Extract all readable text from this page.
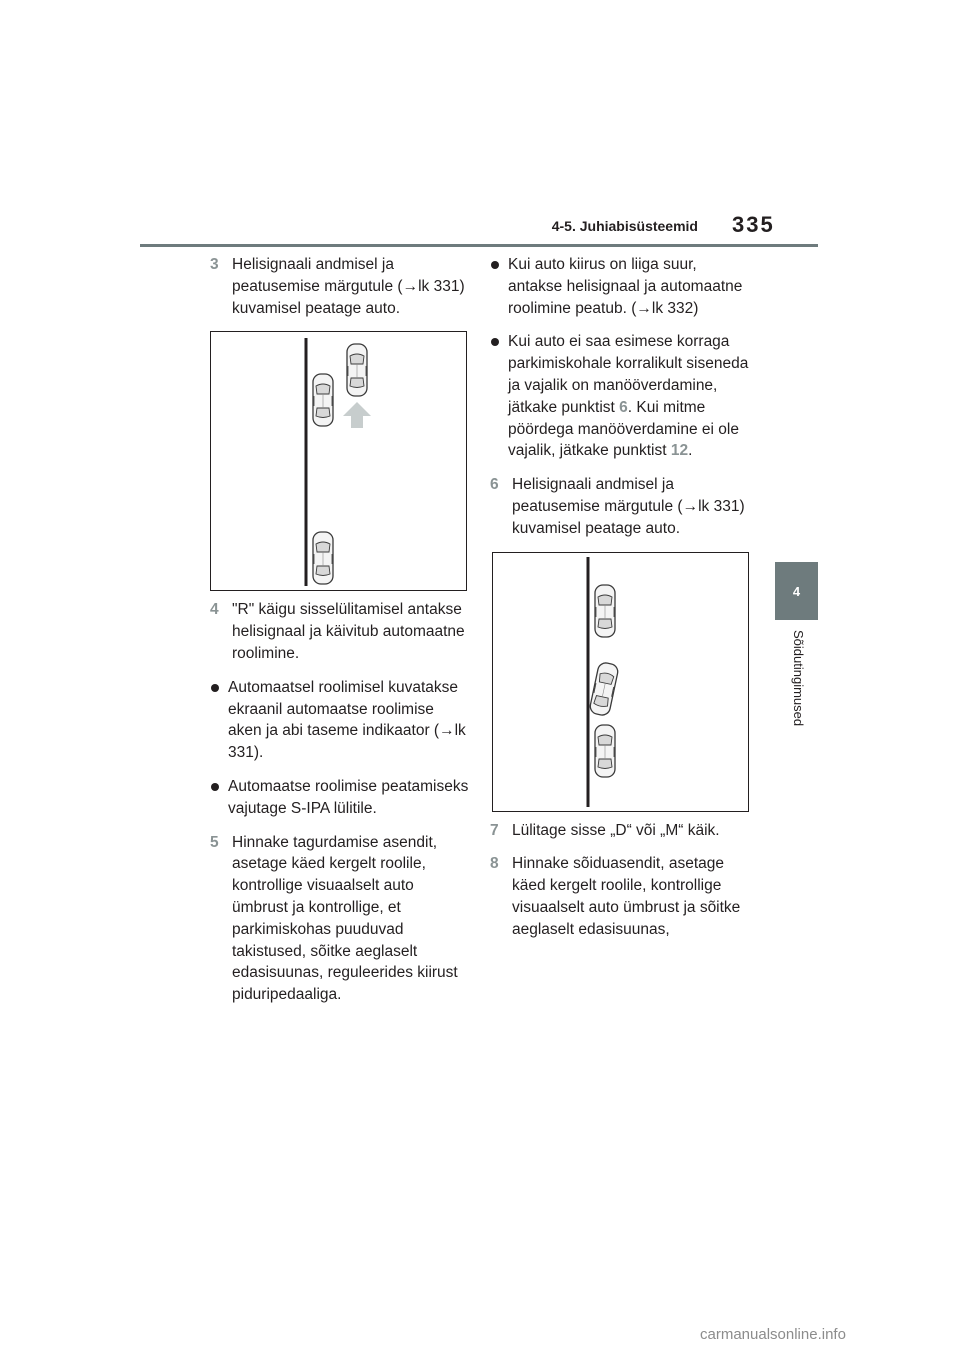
4-5. Juhiabisüsteemid 335
4
Sõidutingimused
3 Helisignaali andmisel ja peatusemise märgutule (→lk 331) kuvamisel peatage auto.
4 "R" käigu sisselülitamisel antakse helisignaal ja käivitub automaatne roolimine.
Automaatsel roolimisel kuvatakse ekraanil automaatse roolimise aken ja abi taseme indikaator (→lk 331).
Automaatse roolimise peatamiseks vajutage S-IPA lülitile.
5 Hinnake tagurdamise asendit, asetage käed kergelt roolile, kontrollige visuaalselt auto ümbrust ja kontrollige, et parkimiskohas puuduvad takistused, sõitke aeglaselt edasisuunas, reguleerides kiirust piduripedaaliga.
Kui auto kiirus on liiga suur, antakse helisignaal ja automaatne roolimine peatub. (→lk 332)
Kui auto ei saa esimese korraga parkimiskohale korralikult siseneda ja vajalik on manööverdamine, jätkake punktist 6. Kui mitme pöördega manööverdamine ei ole vajalik, jätkake punktist 12.
6 Helisignaali andmisel ja peatusemise märgutule (→lk 331) kuvamisel peatage auto.
7 Lülitage sisse „D“ või „M“ käik.
8 Hinnake sõiduasendit, asetage käed kergelt roolile, kontrollige visuaalselt auto ümbrust ja sõitke aeglaselt edasisuunas,
carmanualsonline.info
